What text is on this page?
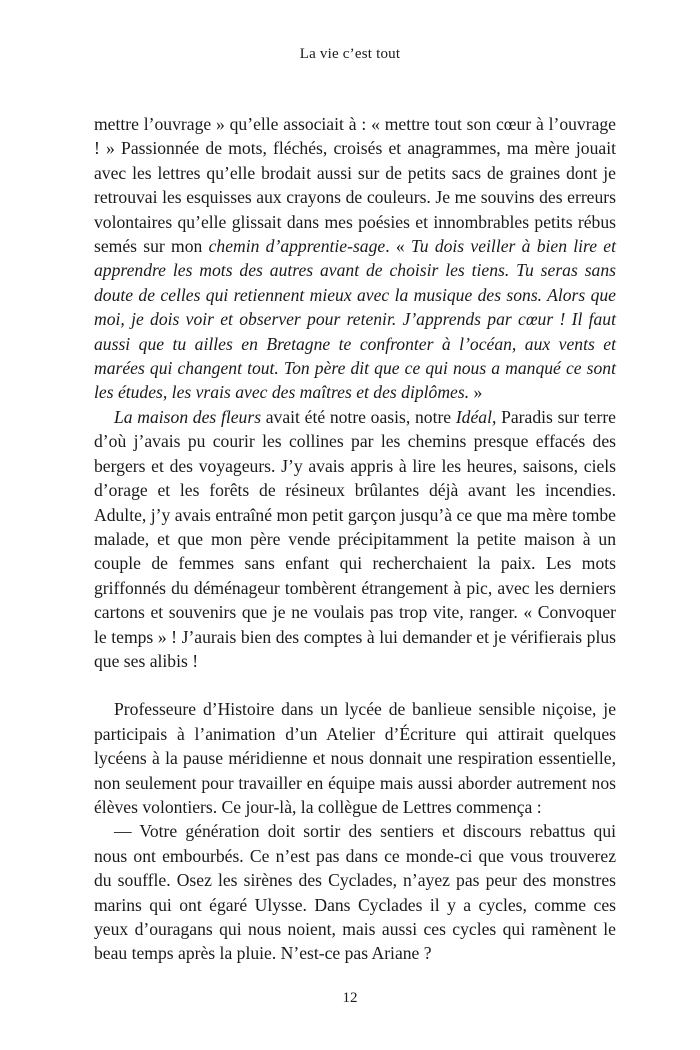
La vie c’est tout

mettre l’ouvrage » qu’elle associait à : « mettre tout son cœur à l’ouvrage ! » Passionnée de mots, fléchés, croisés et anagrammes, ma mère jouait avec les lettres qu’elle brodait aussi sur de petits sacs de graines dont je retrouvai les esquisses aux crayons de couleurs. Je me souvins des erreurs volontaires qu’elle glissait dans mes poésies et innombrables petits rébus semés sur mon chemin d’apprentie-sage. « Tu dois veiller à bien lire et apprendre les mots des autres avant de choisir les tiens. Tu seras sans doute de celles qui retiennent mieux avec la musique des sons. Alors que moi, je dois voir et observer pour retenir. J’apprends par cœur ! Il faut aussi que tu ailles en Bretagne te confronter à l’océan, aux vents et marées qui changent tout. Ton père dit que ce qui nous a manqué ce sont les études, les vrais avec des maîtres et des diplômes. »

La maison des fleurs avait été notre oasis, notre Idéal, Paradis sur terre d’où j’avais pu courir les collines par les chemins presque effacés des bergers et des voyageurs. J’y avais appris à lire les heures, saisons, ciels d’orage et les forêts de résineux brûlantes déjà avant les incendies. Adulte, j’y avais entraîné mon petit garçon jusqu’à ce que ma mère tombe malade, et que mon père vende précipitamment la petite maison à un couple de femmes sans enfant qui recherchaient la paix. Les mots griffonnés du déménageur tombèrent étrangement à pic, avec les derniers cartons et souvenirs que je ne voulais pas trop vite, ranger. « Convoquer le temps » ! J’aurais bien des comptes à lui demander et je vérifierais plus que ses alibis !

Professeure d’Histoire dans un lycée de banlieue sensible niçoise, je participais à l’animation d’un Atelier d’Écriture qui attirait quelques lycéens à la pause méridienne et nous donnait une respiration essentielle, non seulement pour travailler en équipe mais aussi aborder autrement nos élèves volontiers. Ce jour-là, la collègue de Lettres commença :

— Votre génération doit sortir des sentiers et discours rebattus qui nous ont embourbés. Ce n’est pas dans ce monde-ci que vous trouverez du souffle. Osez les sirènes des Cyclades, n’ayez pas peur des monstres marins qui ont égaré Ulysse. Dans Cyclades il y a cycles, comme ces yeux d’ouragans qui nous noient, mais aussi ces cycles qui ramènent le beau temps après la pluie. N’est-ce pas Ariane ?

12
